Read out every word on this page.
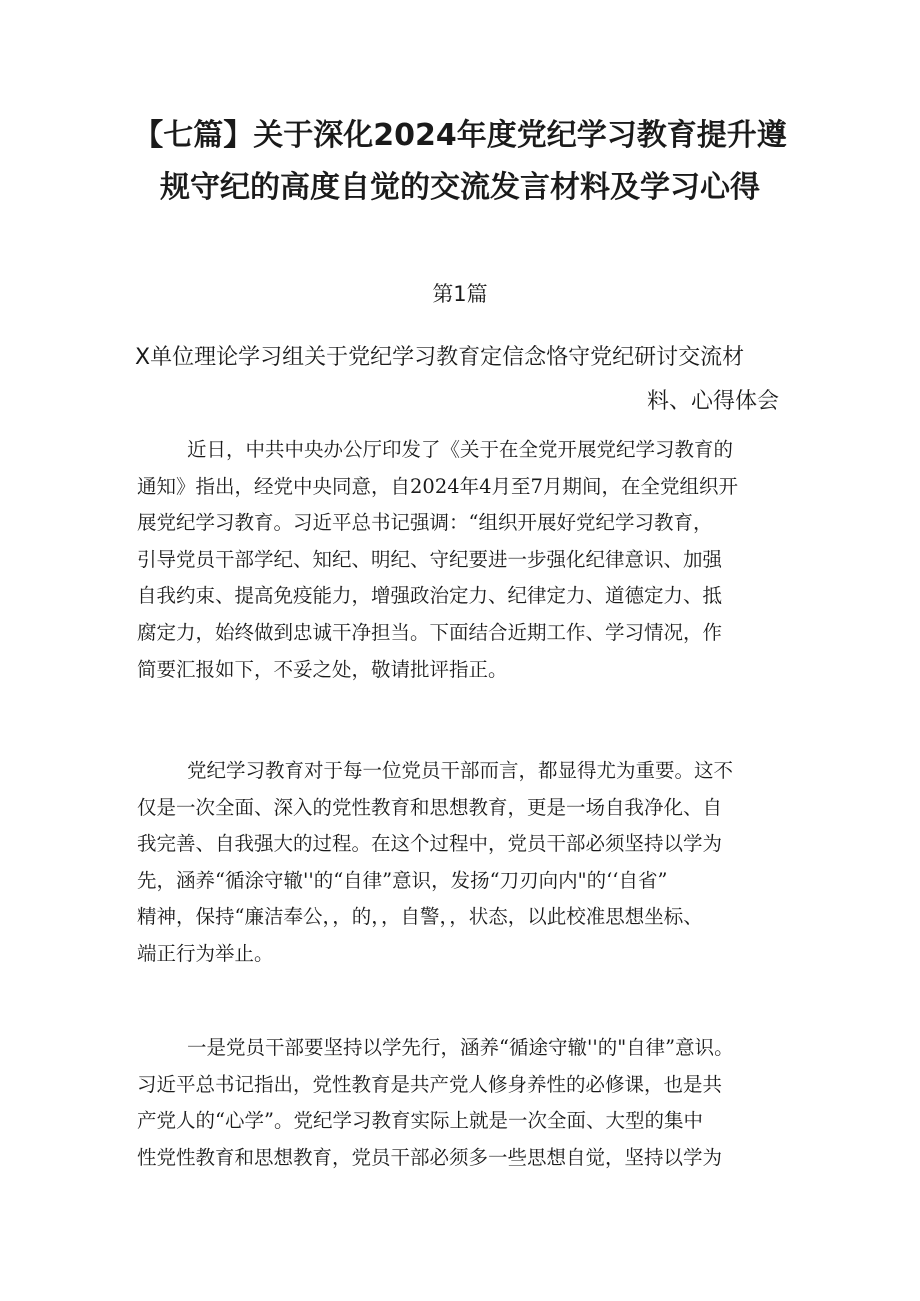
【七篇】关于深化2024年度党纪学习教育提升遵
规守纪的高度自觉的交流发言材料及学习心得
第1篇
X单位理论学习组关于党纪学习教育定信念恪守党纪研讨交流材
料、心得体会
近日，中共中央办公厅印发了《关于在全党开展党纪学习教育的
通知》指出，经党中央同意，自2024年4月至7月期间，在全党组织开
展党纪学习教育。习近平总书记强调：“组织开展好党纪学习教育，
引导党员干部学纪、知纪、明纪、守纪要进一步强化纪律意识、加强
自我约束、提高免疫能力，增强政治定力、纪律定力、道德定力、抵
腐定力，始终做到忠诚干净担当。下面结合近期工作、学习情况，作
简要汇报如下，不妥之处，敬请批评指正。
党纪学习教育对于每一位党员干部而言，都显得尤为重要。这不
仅是一次全面、深入的党性教育和思想教育，更是一场自我净化、自
我完善、自我强大的过程。在这个过程中，党员干部必须坚持以学为
先，涵养“循涂守辙''的“自律”意识，发扬“刀刃向内"的‘‘自省”
精神，保持“廉洁奉公，，的，，自警，，状态，以此校准思想坐标、
端正行为举止。
一是党员干部要坚持以学先行，涵养“循途守辙''的"自律”意识。
习近平总书记指出，党性教育是共产党人修身养性的必修课，也是共
产党人的“心学”。党纪学习教育实际上就是一次全面、大型的集中
性党性教育和思想教育，党员干部必须多一些思想自觉，坚持以学为
